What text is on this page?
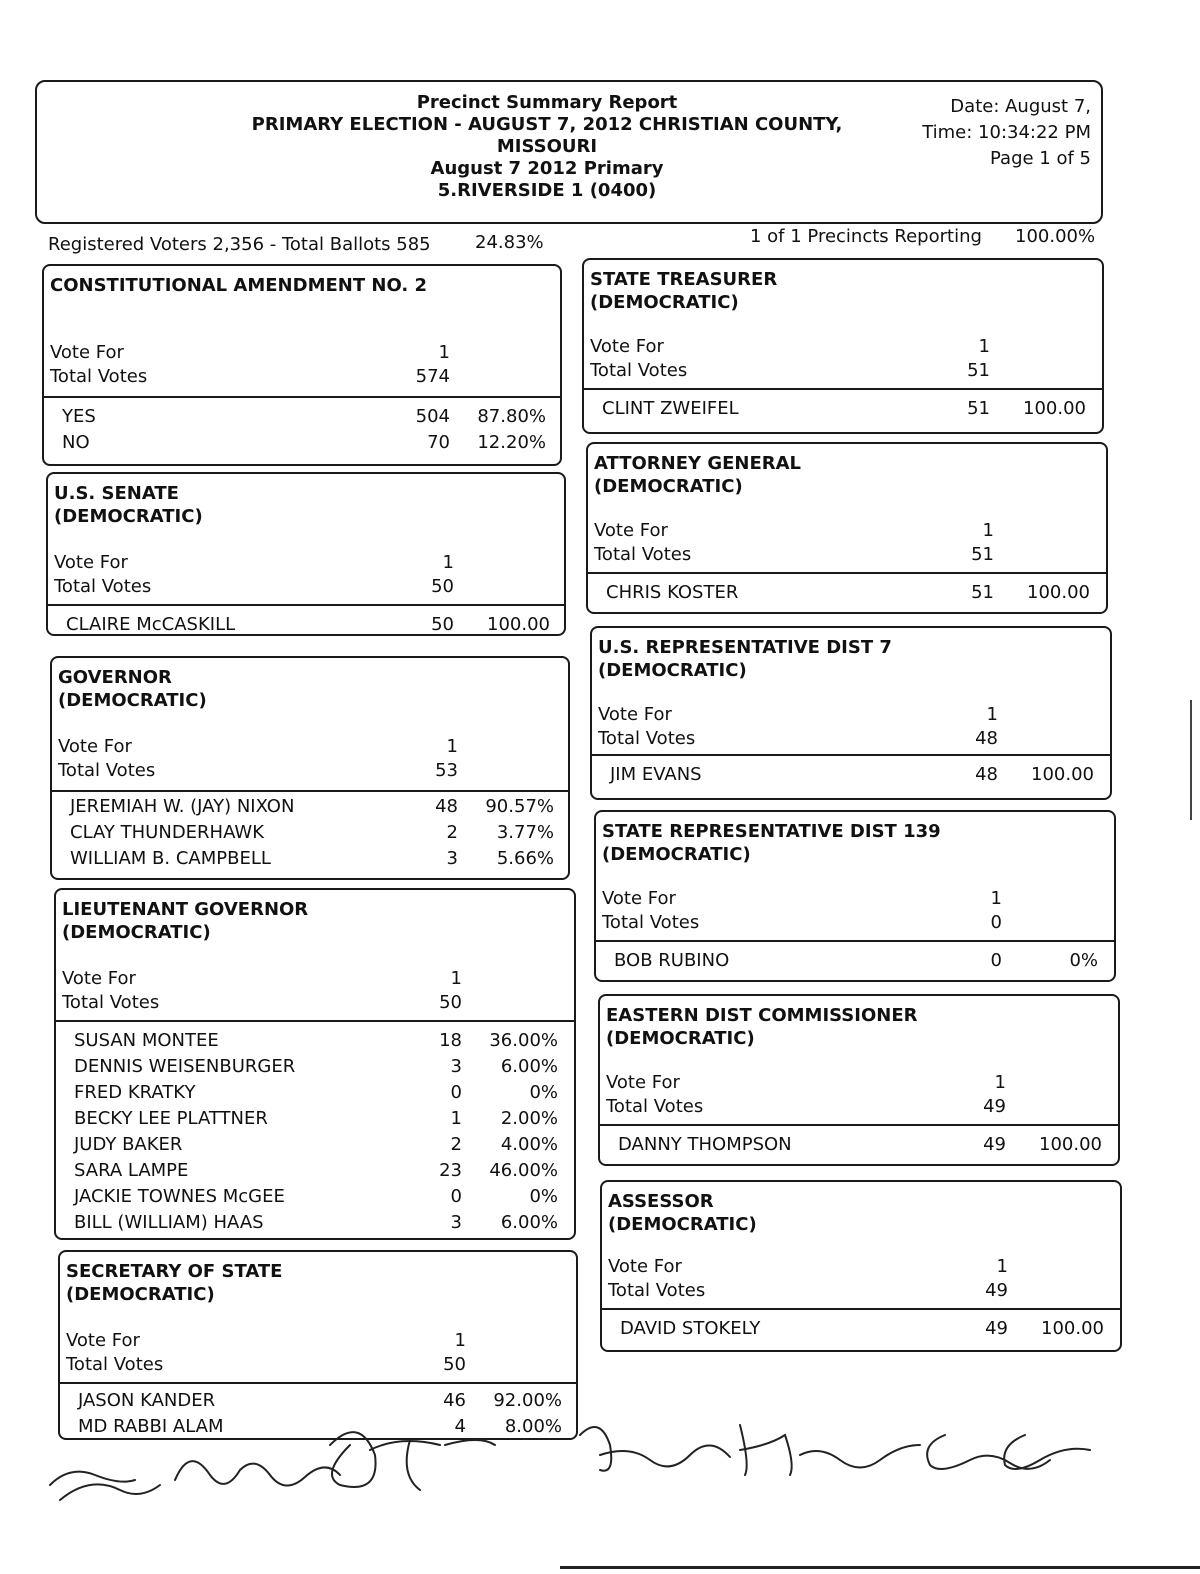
Precinct Summary Report
PRIMARY ELECTION - AUGUST 7, 2012 CHRISTIAN COUNTY,
MISSOURI
August 7 2012 Primary
5.RIVERSIDE 1 (0400)
Date: August 7,
Time: 10:34:22 PM
Page 1 of 5
Registered Voters 2,356 - Total Ballots 585 24.83%	1 of 1 Precincts Reporting 100.00%
CONSTITUTIONAL AMENDMENT NO. 2
Vote For	1
Total Votes	574
YES	504	87.80%
NO	70	12.20%
U.S. SENATE
(DEMOCRATIC)
Vote For	1
Total Votes	50
CLAIRE McCASKILL	50	100.00
GOVERNOR
(DEMOCRATIC)
Vote For	1
Total Votes	53
JEREMIAH W. (JAY) NIXON	48	90.57%
CLAY THUNDERHAWK	2	3.77%
WILLIAM B. CAMPBELL	3	5.66%
LIEUTENANT GOVERNOR
(DEMOCRATIC)
Vote For	1
Total Votes	50
SUSAN MONTEE	18	36.00%
DENNIS WEISENBURGER	3	6.00%
FRED KRATKY	0	0%
BECKY LEE PLATTNER	1	2.00%
JUDY BAKER	2	4.00%
SARA LAMPE	23	46.00%
JACKIE TOWNES McGEE	0	0%
BILL (WILLIAM) HAAS	3	6.00%
SECRETARY OF STATE
(DEMOCRATIC)
Vote For	1
Total Votes	50
JASON KANDER	46	92.00%
MD RABBI ALAM	4	8.00%
STATE TREASURER
(DEMOCRATIC)
Vote For	1
Total Votes	51
CLINT ZWEIFEL	51	100.00
ATTORNEY GENERAL
(DEMOCRATIC)
Vote For	1
Total Votes	51
CHRIS KOSTER	51	100.00
U.S. REPRESENTATIVE DIST 7
(DEMOCRATIC)
Vote For	1
Total Votes	48
JIM EVANS	48	100.00
STATE REPRESENTATIVE DIST 139
(DEMOCRATIC)
Vote For	1
Total Votes	0
BOB RUBINO	0	0%
EASTERN DIST COMMISSIONER
(DEMOCRATIC)
Vote For	1
Total Votes	49
DANNY THOMPSON	49	100.00
ASSESSOR
(DEMOCRATIC)
Vote For	1
Total Votes	49
DAVID STOKELY	49	100.00
